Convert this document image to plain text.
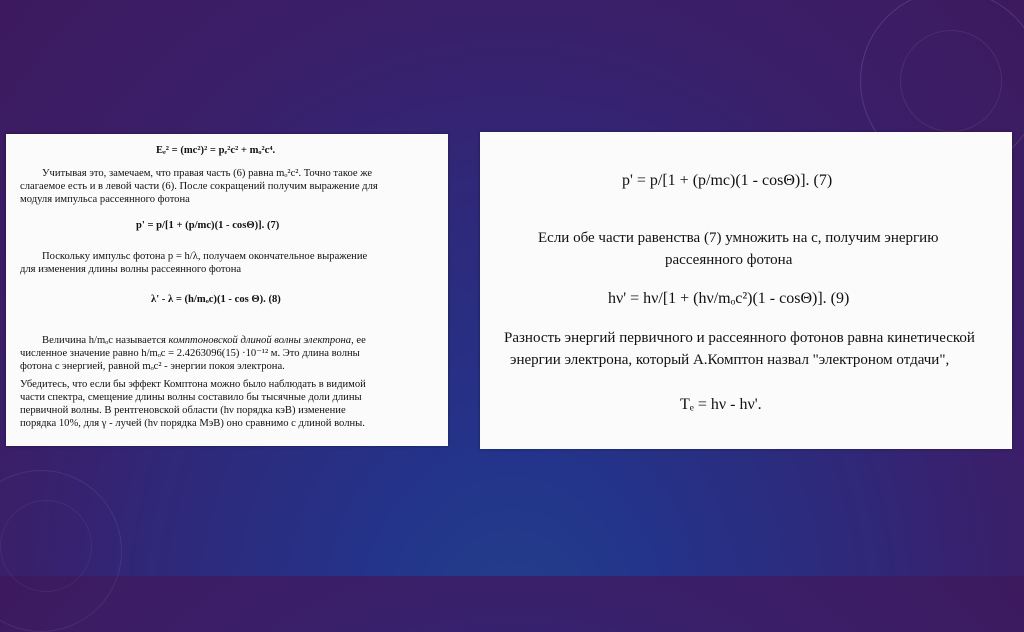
Eₑ² = (mc²)² = pₑ²c² + mₒ²c⁴.
Учитывая это, замечаем, что правая часть (6) равна mₒ²c². Точно такое же
слагаемое есть и в левой части (6). После сокращений получим выражение для
модуля импульса рассеянного фотона
p' = p/[1 + (p/mc)(1 - cosΘ)]. (7)
Поскольку импульс фотона p = h/λ, получаем окончательное выражение
для изменения длины волны рассеянного фотона
λ' - λ = (h/mₒc)(1 - cos Θ). (8)
Величина h/mₒc называется комптоновской длиной волны электрона, ее
численное значение равно h/mₒc = 2.4263096(15) ·10⁻¹² м. Это длина волны
фотона с энергией, равной mₒc² - энергии покоя электрона.
Убедитесь, что если бы эффект Комптона можно было наблюдать в видимой
части спектра, смещение длины волны составило бы тысячные доли длины
первичной волны. В рентгеновской области (hν порядка кэВ) изменение
порядка 10%, для γ - лучей (hν порядка МэВ) оно сравнимо с длиной волны.
p' = p/[1 + (p/mc)(1 - cosΘ)]. (7)
Если обе части равенства (7) умножить на c, получим энергию
рассеянного фотона
hν' = hν/[1 + (hν/mₒc²)(1 - cosΘ)]. (9)
Разность энергий первичного и рассеянного фотонов равна кинетической
энергии электрона, который А.Комптон назвал "электроном отдачи",
Tₑ = hν - hν'.
